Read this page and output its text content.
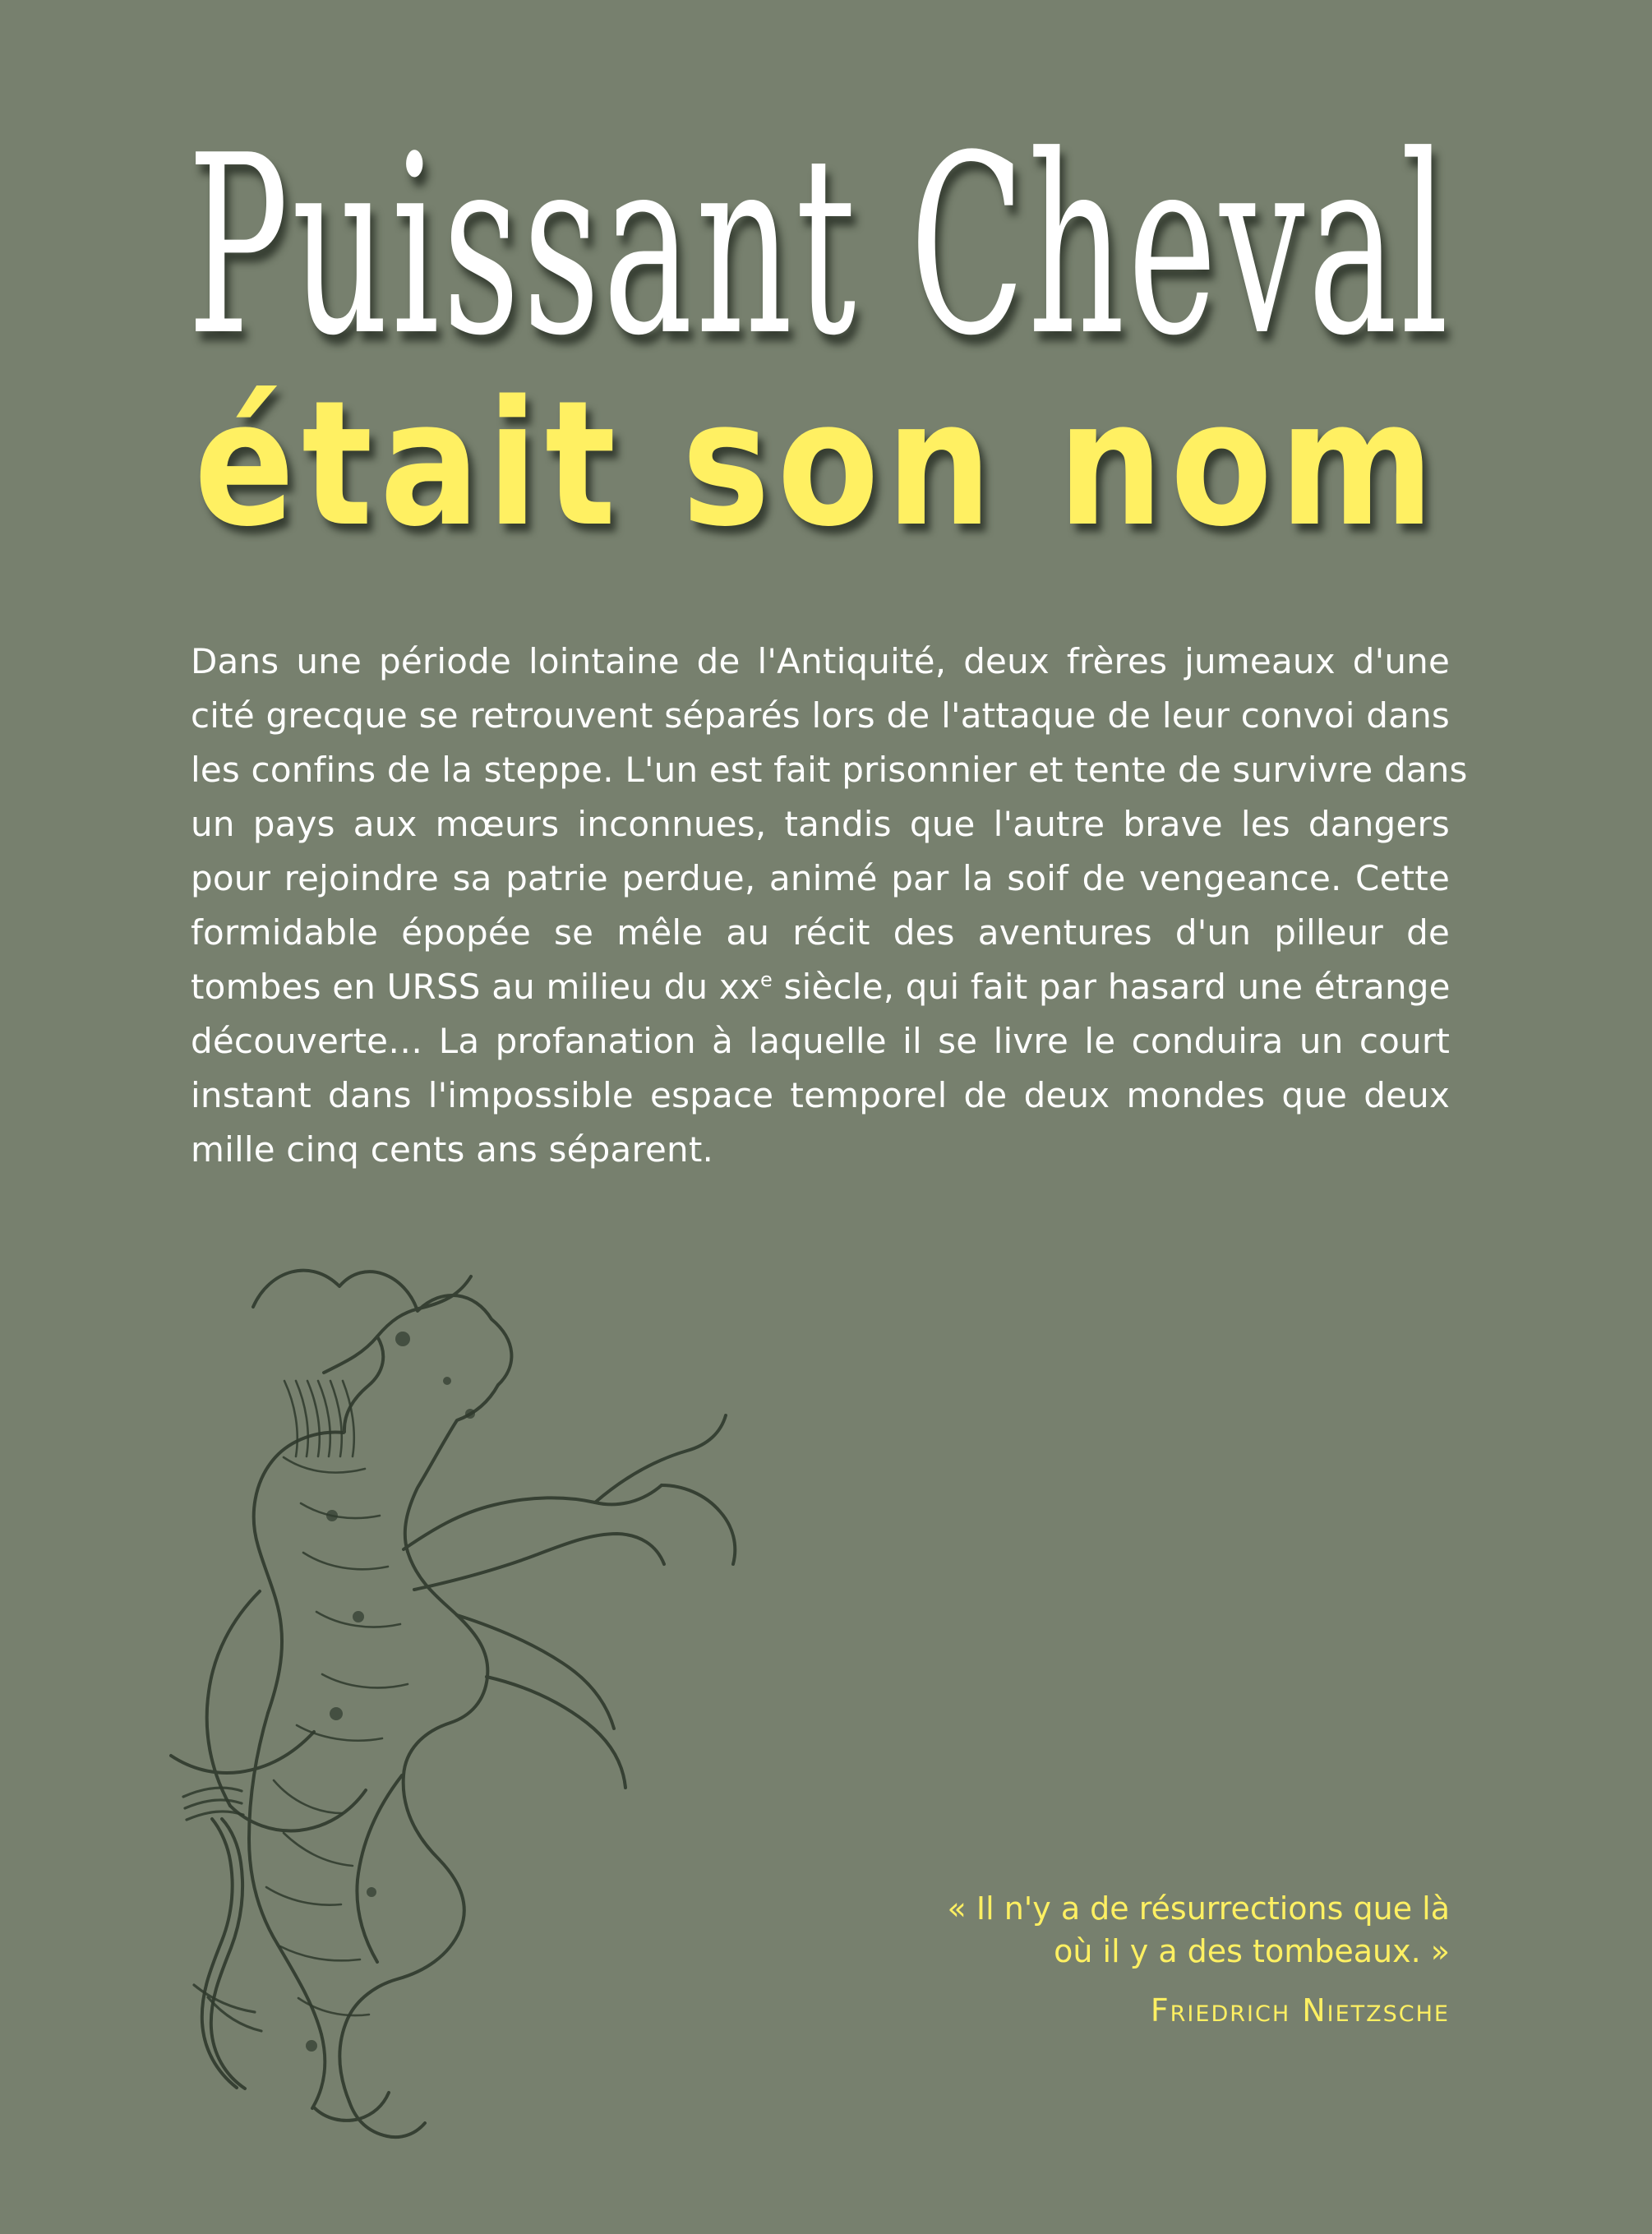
Puissant Cheval
était son nom

Dans une période lointaine de l'Antiquité, deux frères jumeaux d'une
cité grecque se retrouvent séparés lors de l'attaque de leur convoi dans
les confins de la steppe. L'un est fait prisonnier et tente de survivre dans
un pays aux mœurs inconnues, tandis que l'autre brave les dangers
pour rejoindre sa patrie perdue, animé par la soif de vengeance. Cette
formidable épopée se mêle au récit des aventures d'un pilleur de
tombes en URSS au milieu du $xx^e$ siècle, qui fait par hasard une étrange
découverte… La profanation à laquelle il se livre le conduira un court
instant dans l'impossible espace temporel de deux mondes que deux
mille cinq cents ans séparent.

« Il n'y a de résurrections que là
où il y a des tombeaux. »

Friedrich Nietzsche
